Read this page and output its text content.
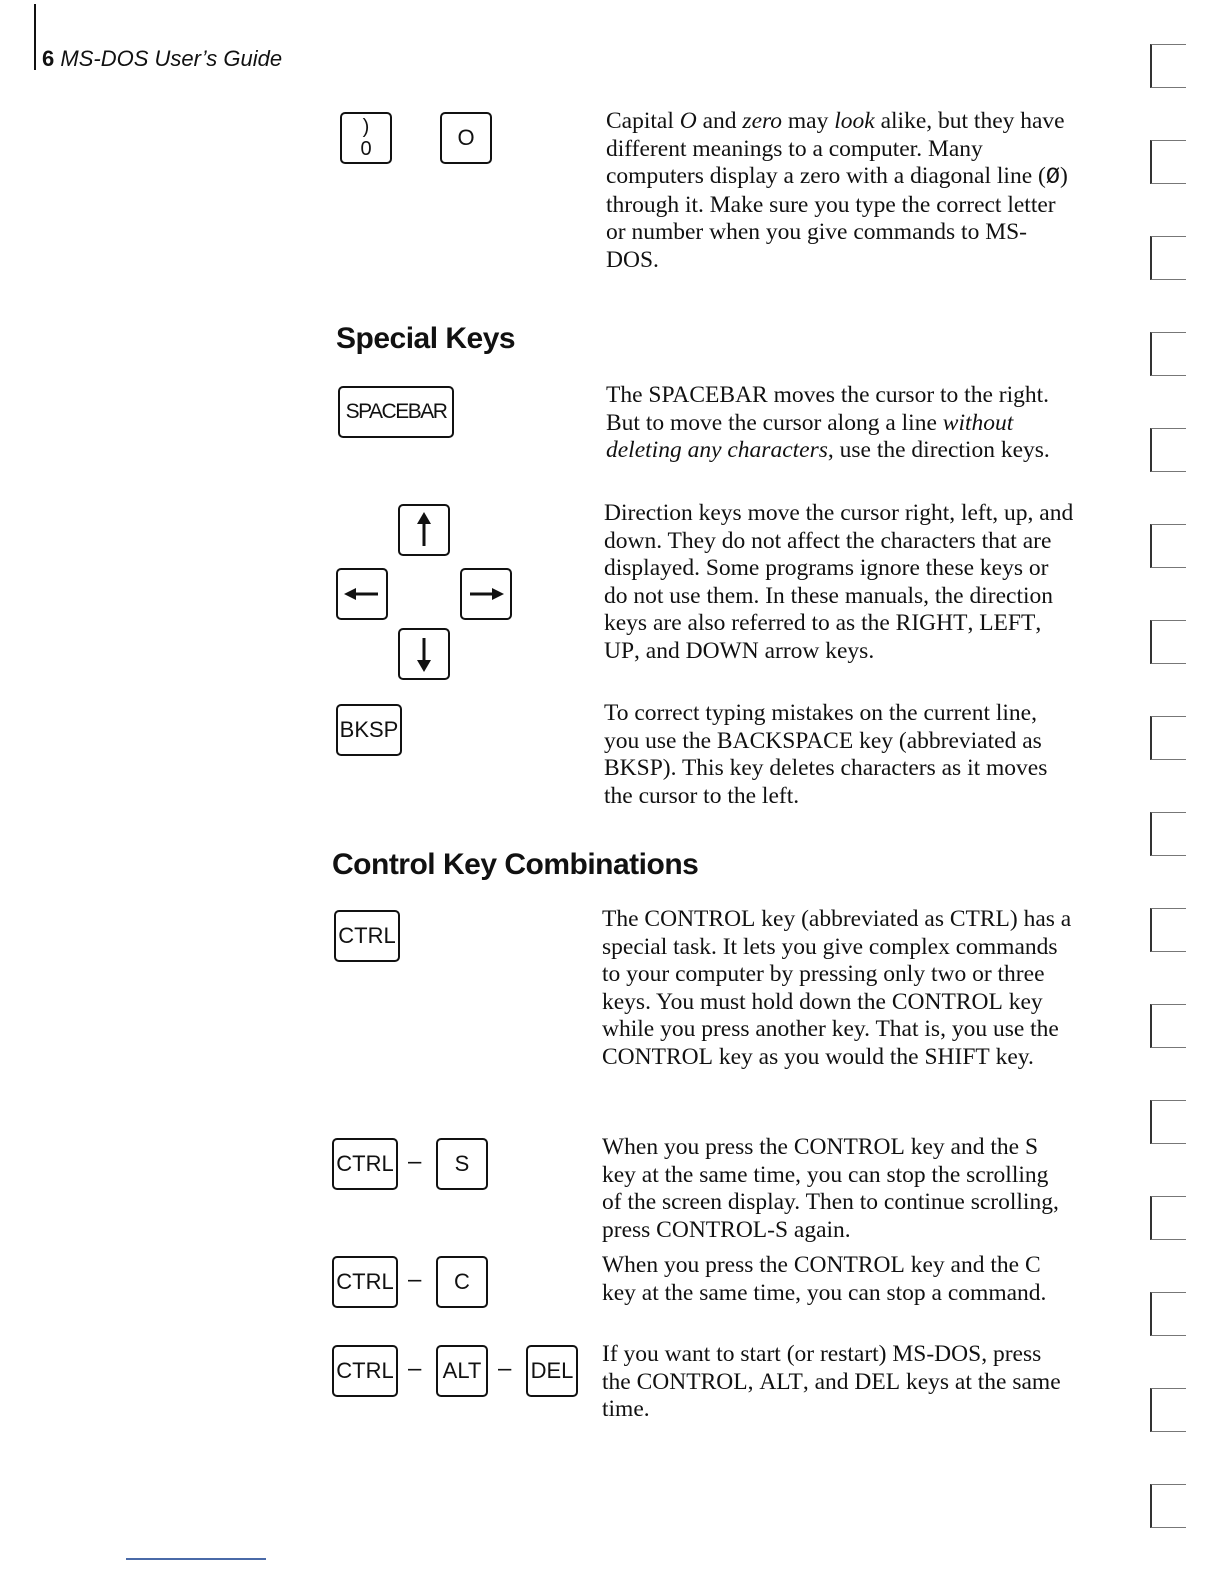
6 MS-DOS User’s Guide
)
0	O

Capital O and zero may look alike, but they have different meanings to a computer. Many computers display a zero with a diagonal line (Ø) through it. Make sure you type the correct letter or number when you give commands to MS-DOS.

Special Keys
SPACEBAR

The SPACEBAR moves the cursor to the right. But to move the cursor along a line without deleting any characters, use the direction keys.

Direction keys move the cursor right, left, up, and down. They do not affect the characters that are displayed. Some programs ignore these keys or do not use them. In these manuals, the direction keys are also referred to as the RIGHT, LEFT, UP, and DOWN arrow keys.

BKSP

To correct typing mistakes on the current line, you use the BACKSPACE key (abbreviated as BKSP). This key deletes characters as it moves the cursor to the left.

Control Key Combinations
CTRL

The CONTROL key (abbreviated as CTRL) has a special task. It lets you give complex commands to your computer by pressing only two or three keys. You must hold down the CONTROL key while you press another key. That is, you use the CONTROL key as you would the SHIFT key.

CTRL – S

When you press the CONTROL key and the S key at the same time, you can stop the scrolling of the screen display. Then to continue scrolling, press CONTROL-S again.

CTRL – C

When you press the CONTROL key and the C key at the same time, you can stop a command.

CTRL – ALT – DEL

If you want to start (or restart) MS-DOS, press the CONTROL, ALT, and DEL keys at the same time.
